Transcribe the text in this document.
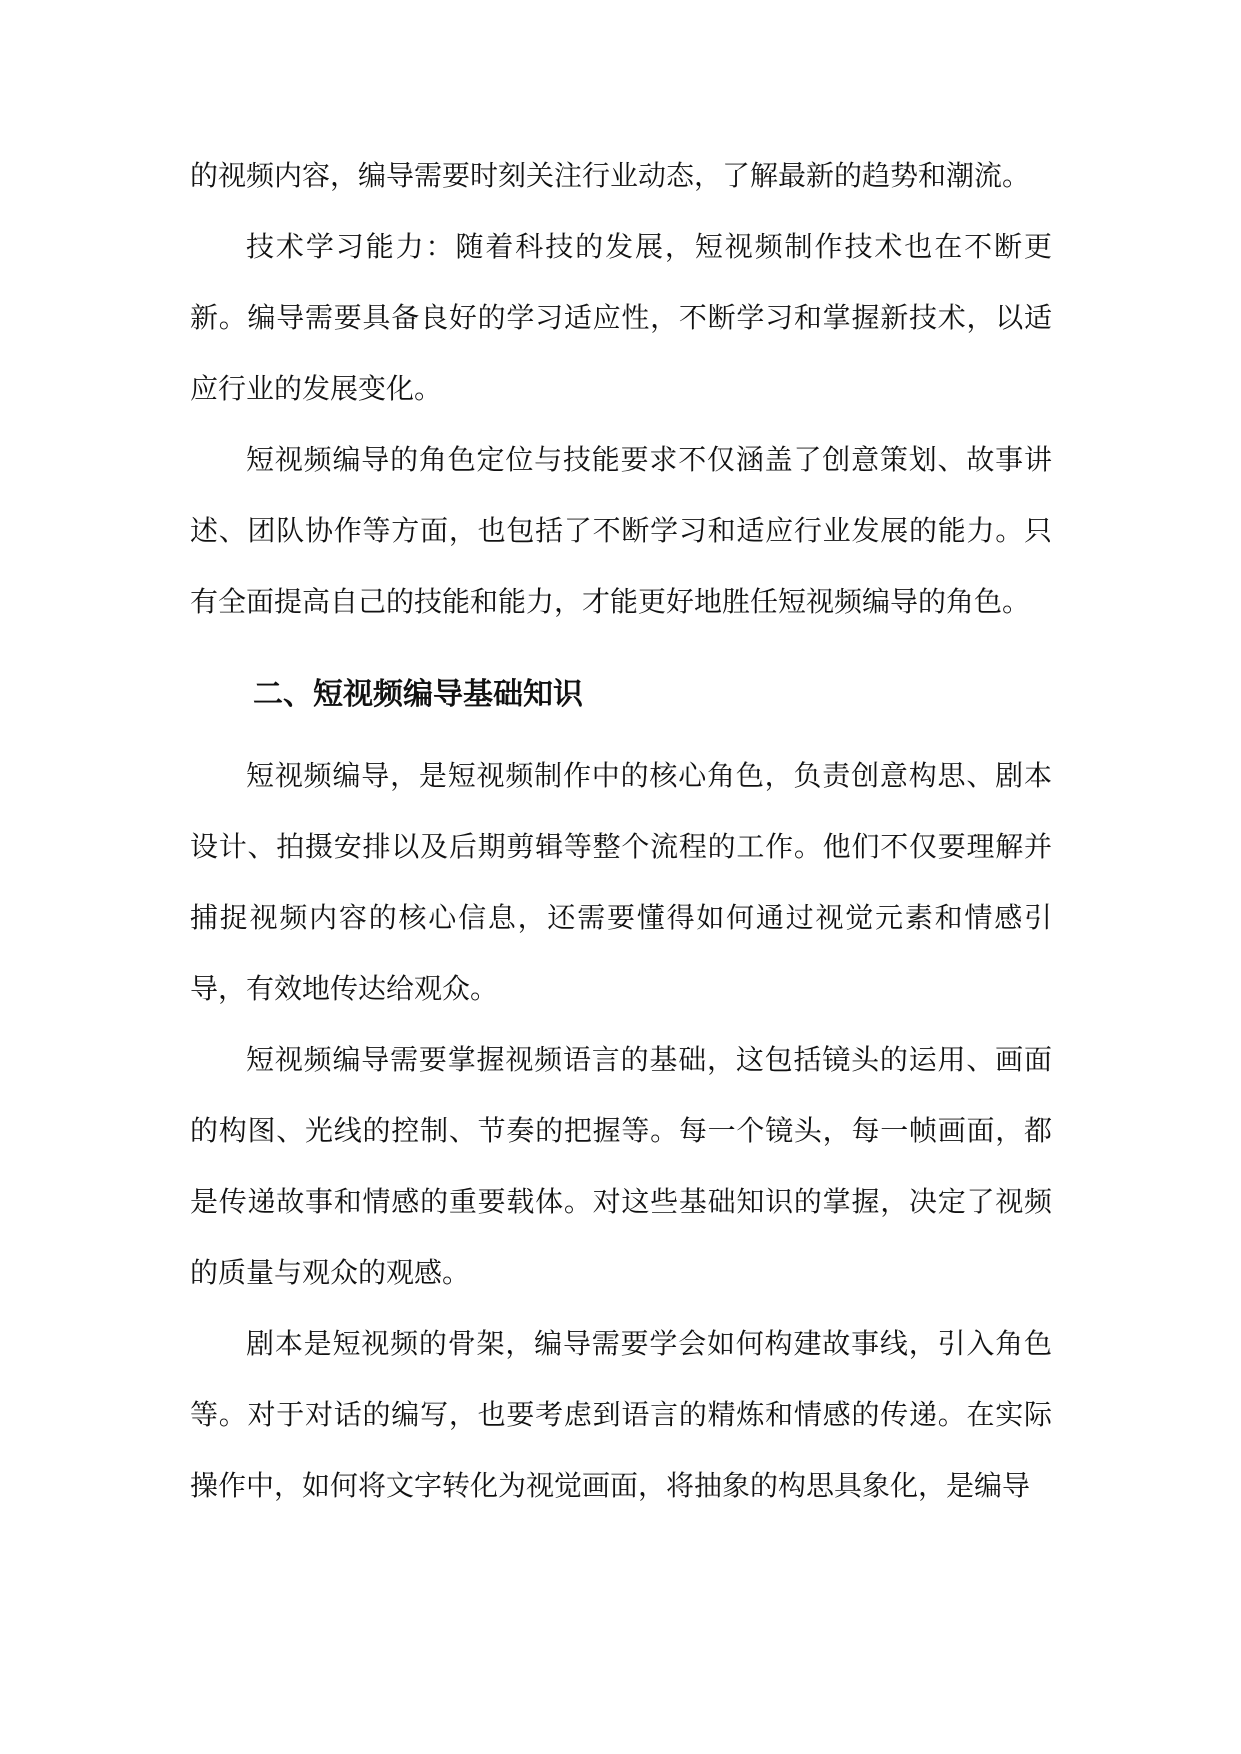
的视频内容，编导需要时刻关注行业动态，了解最新的趋势和潮流。

技术学习能力：随着科技的发展，短视频制作技术也在不断更新。编导需要具备良好的学习适应性，不断学习和掌握新技术，以适应行业的发展变化。

短视频编导的角色定位与技能要求不仅涵盖了创意策划、故事讲述、团队协作等方面，也包括了不断学习和适应行业发展的能力。只有全面提高自己的技能和能力，才能更好地胜任短视频编导的角色。

二、短视频编导基础知识

短视频编导，是短视频制作中的核心角色，负责创意构思、剧本设计、拍摄安排以及后期剪辑等整个流程的工作。他们不仅要理解并捕捉视频内容的核心信息，还需要懂得如何通过视觉元素和情感引导，有效地传达给观众。

短视频编导需要掌握视频语言的基础，这包括镜头的运用、画面的构图、光线的控制、节奏的把握等。每一个镜头，每一帧画面，都是传递故事和情感的重要载体。对这些基础知识的掌握，决定了视频的质量与观众的观感。

剧本是短视频的骨架，编导需要学会如何构建故事线，引入角色等。对于对话的编写，也要考虑到语言的精炼和情感的传递。在实际操作中，如何将文字转化为视觉画面，将抽象的构思具象化，是编导
